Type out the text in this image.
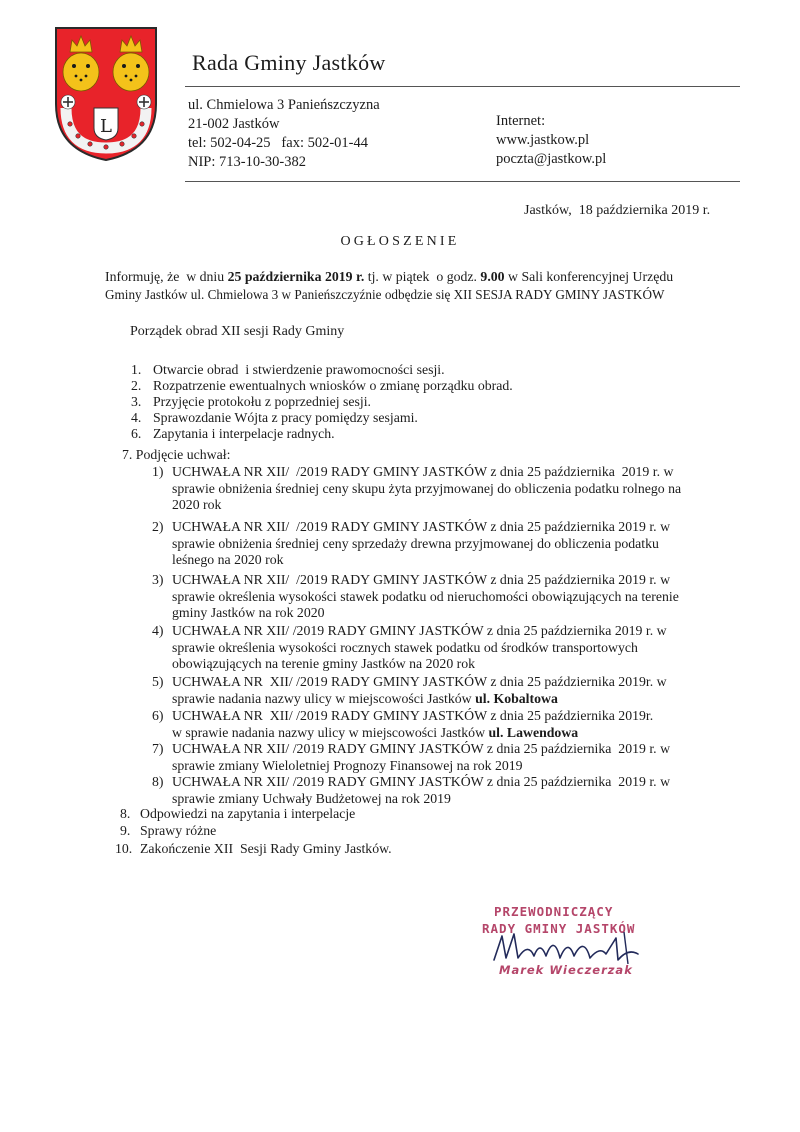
L
Rada Gminy Jastków
ul. Chmielowa 3 Panieńszczyzna
21-002 Jastków
tel: 502-04-25   fax: 502-01-44
NIP: 713-10-30-382
Internet:
www.jastkow.pl
poczta@jastkow.pl
Jastków,  18 października 2019 r.
OGŁOSZENIE

Informuję, że  w dniu 25 października 2019 r. tj. w piątek  o godz. 9.00 w Sali konferencyjnej Urzędu

Gminy Jastków ul. Chmielowa 3 w Panieńszczyźnie odbędzie się XII SESJA RADY GMINY JASTKÓW

Porządek obrad XII sesji Rady Gminy
1. Otwarcie obrad  i stwierdzenie prawomocności sesji.
2. Rozpatrzenie ewentualnych wniosków o zmianę porządku obrad.
3. Przyjęcie protokołu z poprzedniej sesji.
4. Sprawozdanie Wójta z pracy pomiędzy sesjami.
6. Zapytania i interpelacje radnych.
7. Podjęcie uchwał:
1) UCHWAŁA NR XII/  /2019 RADY GMINY JASTKÓW z dnia 25 października  2019 r. w
sprawie obniżenia średniej ceny skupu żyta przyjmowanej do obliczenia podatku rolnego na
2020 rok
2) UCHWAŁA NR XII/  /2019 RADY GMINY JASTKÓW z dnia 25 października 2019 r. w
sprawie obniżenia średniej ceny sprzedaży drewna przyjmowanej do obliczenia podatku
leśnego na 2020 rok
3) UCHWAŁA NR XII/  /2019 RADY GMINY JASTKÓW z dnia 25 października 2019 r. w
sprawie określenia wysokości stawek podatku od nieruchomości obowiązujących na terenie
gminy Jastków na rok 2020
4) UCHWAŁA NR XII/ /2019 RADY GMINY JASTKÓW z dnia 25 października 2019 r. w
sprawie określenia wysokości rocznych stawek podatku od środków transportowych
obowiązujących na terenie gminy Jastków na 2020 rok
5) UCHWAŁA NR  XII/ /2019 RADY GMINY JASTKÓW z dnia 25 października 2019r. w
sprawie nadania nazwy ulicy w miejscowości Jastków ul. Kobaltowa
6) UCHWAŁA NR  XII/ /2019 RADY GMINY JASTKÓW z dnia 25 października 2019r.
w sprawie nadania nazwy ulicy w miejscowości Jastków ul. Lawendowa
7) UCHWAŁA NR XII/ /2019 RADY GMINY JASTKÓW z dnia 25 października  2019 r. w
sprawie zmiany Wieloletniej Prognozy Finansowej na rok 2019
8) UCHWAŁA NR XII/ /2019 RADY GMINY JASTKÓW z dnia 25 października  2019 r. w
sprawie zmiany Uchwały Budżetowej na rok 2019
8. Odpowiedzi na zapytania i interpelacje
9. Sprawy różne
10. Zakończenie XII  Sesji Rady Gminy Jastków.
PRZEWODNICZĄCY
RADY GMINY JASTKÓW
Marek Wieczerzak
